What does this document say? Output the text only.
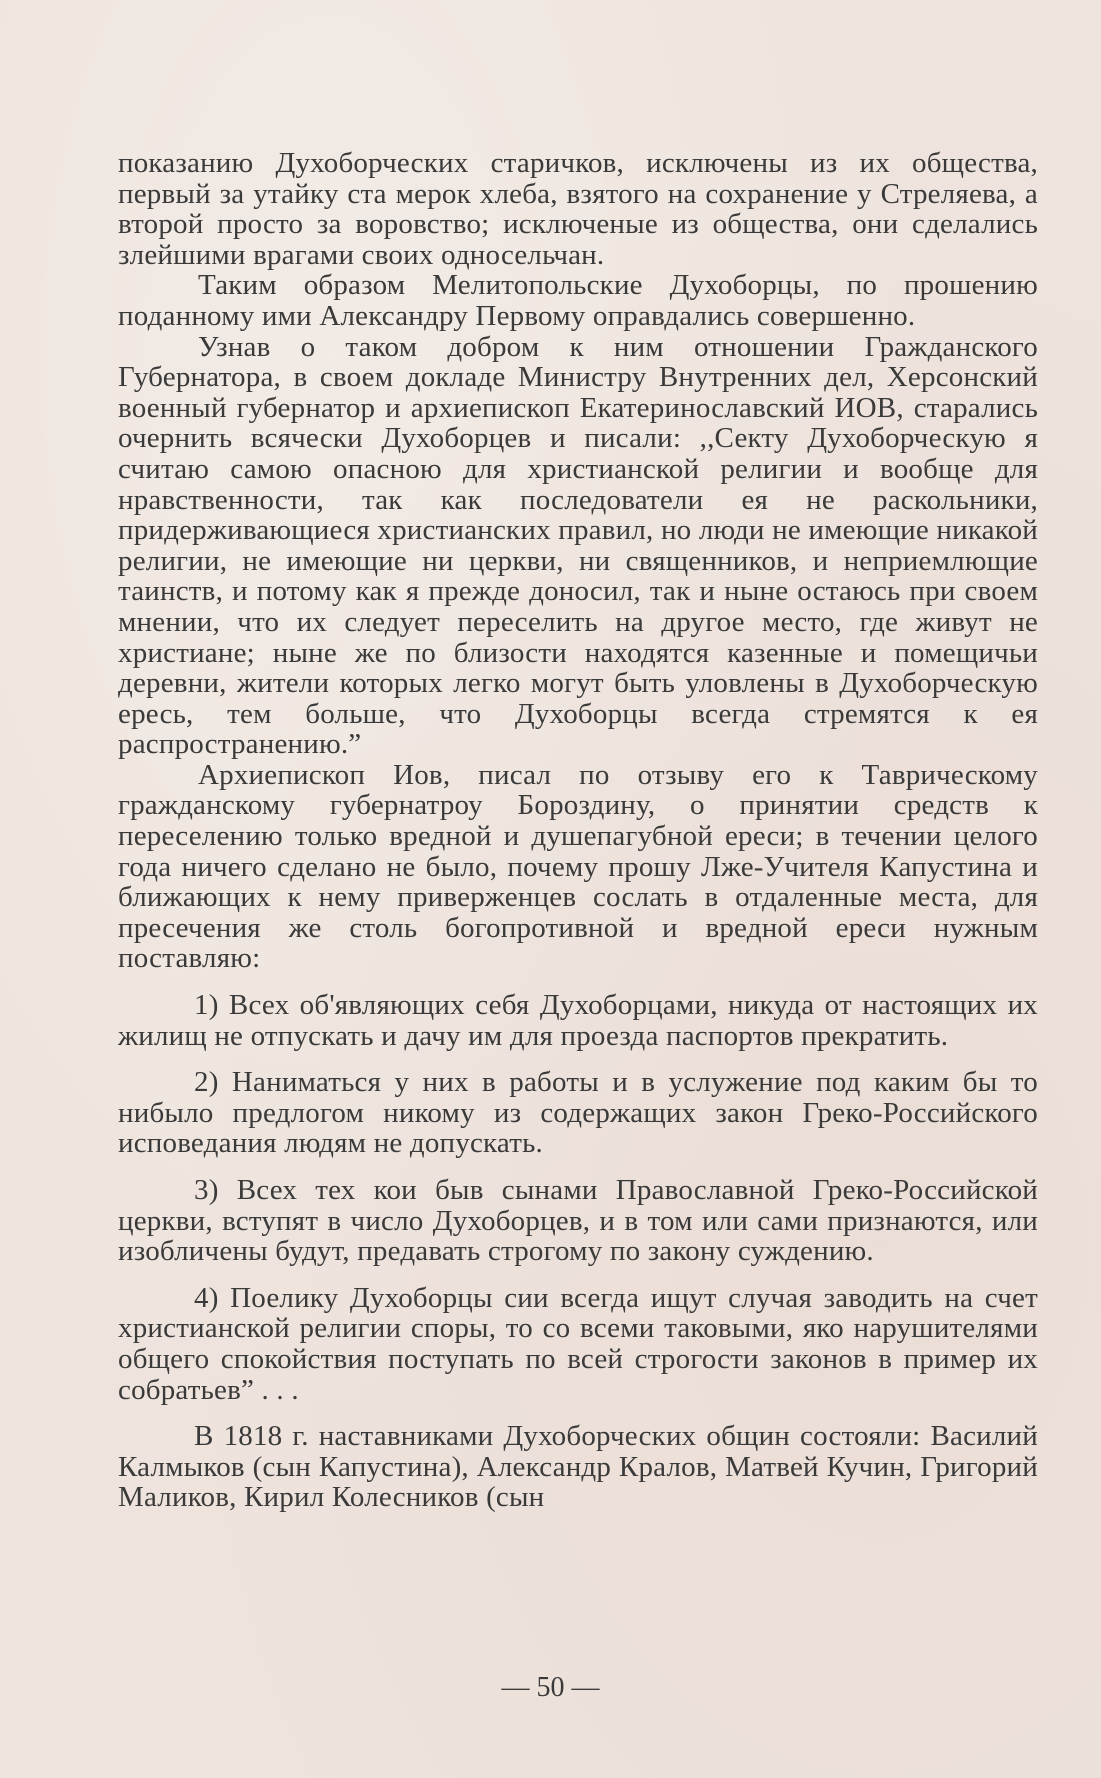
показанию Духоборческих старичков, исключены из их общества, первый за утайку ста мерок хлеба, взятого на сохранение у Стреляева, а второй просто за воровство; исключеные из общества, они сделались злейшими врагами своих односельчан.

Таким образом Мелитопольские Духоборцы, по прошению поданному ими Александру Первому оправдались совершенно.

Узнав о таком добром к ним отношении Гражданского Губернатора, в своем докладе Министру Внутренних дел, Херсонский военный губернатор и архиепископ Екатеринославский ИОВ, старались очернить всячески Духоборцев и писали: ,,Секту Духоборческую я считаю самою опасною для христианской религии и вообще для нравственности, так как последователи ея не раскольники, придерживающиеся христианских правил, но люди не имеющие никакой религии, не имеющие ни церкви, ни священников, и неприемлющие таинств, и потому как я прежде доносил, так и ныне остаюсь при своем мнении, что их следует переселить на другое место, где живут не христиане; ныне же по близости находятся казенные и помещичьи деревни, жители которых легко могут быть уловлены в Духоборческую ересь, тем больше, что Духоборцы всегда стремятся к ея распространению.”

Архиепископ Иов, писал по отзыву его к Таврическому гражданскому губернатроу Бороздину, о принятии средств к переселению только вредной и душепагубной ереси; в течении целого года ничего сделано не было, почему прошу Лже-Учителя Капустина и ближающих к нему приверженцев сослать в отдаленные места, для пресечения же столь богопротивной и вредной ереси нужным поставляю:

1) Всех об'являющих себя Духоборцами, никуда от настоящих их жилищ не отпускать и дачу им для проезда паспортов прекратить.

2) Наниматься у них в работы и в услужение под каким бы то нибыло предлогом никому из содержащих закон Греко-Российского исповедания людям не допускать.

3) Всех тех кои быв сынами Православной Греко-Российской церкви, вступят в число Духоборцев, и в том или сами признаются, или изобличены будут, предавать строгому по закону суждению.

4) Поелику Духоборцы сии всегда ищут случая заводить на счет христианской религии споры, то со всеми таковыми, яко нарушителями общего спокойствия поступать по всей строгости законов в пример их собратьев” . . .

В 1818 г. наставниками Духоборческих общин состояли: Василий Калмыков (сын Капустина), Александр Кралов, Матвей Кучин, Григорий Маликов, Кирил Колесников (сын

— 50 —
